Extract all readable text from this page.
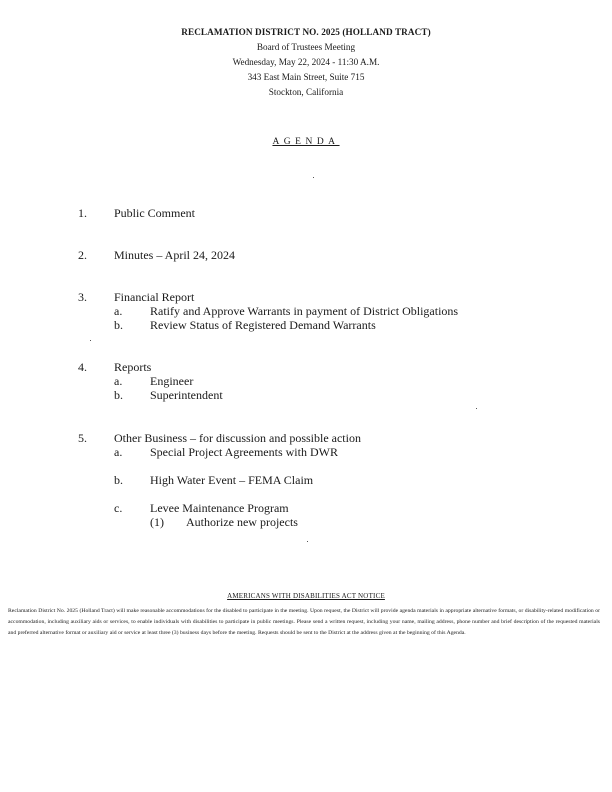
RECLAMATION DISTRICT NO. 2025 (HOLLAND TRACT)
Board of Trustees Meeting
Wednesday, May 22, 2024 - 11:30 A.M.
343 East Main Street, Suite 715
Stockton, California
AGENDA
1. Public Comment
2. Minutes – April 24, 2024
3. Financial Report
a. Ratify and Approve Warrants in payment of District Obligations
b. Review Status of Registered Demand Warrants
4. Reports
a. Engineer
b. Superintendent
5. Other Business – for discussion and possible action
a. Special Project Agreements with DWR
b. High Water Event – FEMA Claim
c. Levee Maintenance Program
(1) Authorize new projects
AMERICANS WITH DISABILITIES ACT NOTICE
Reclamation District No. 2025 (Holland Tract) will make reasonable accommodations for the disabled to participate in the meeting. Upon request, the District will provide agenda materials in appropriate alternative formats, or disability-related modification or accommodation, including auxiliary aids or services, to enable individuals with disabilities to participate in public meetings. Please send a written request, including your name, mailing address, phone number and brief description of the requested materials and preferred alternative format or auxiliary aid or service at least three (3) business days before the meeting. Requests should be sent to the District at the address given at the beginning of this Agenda.
